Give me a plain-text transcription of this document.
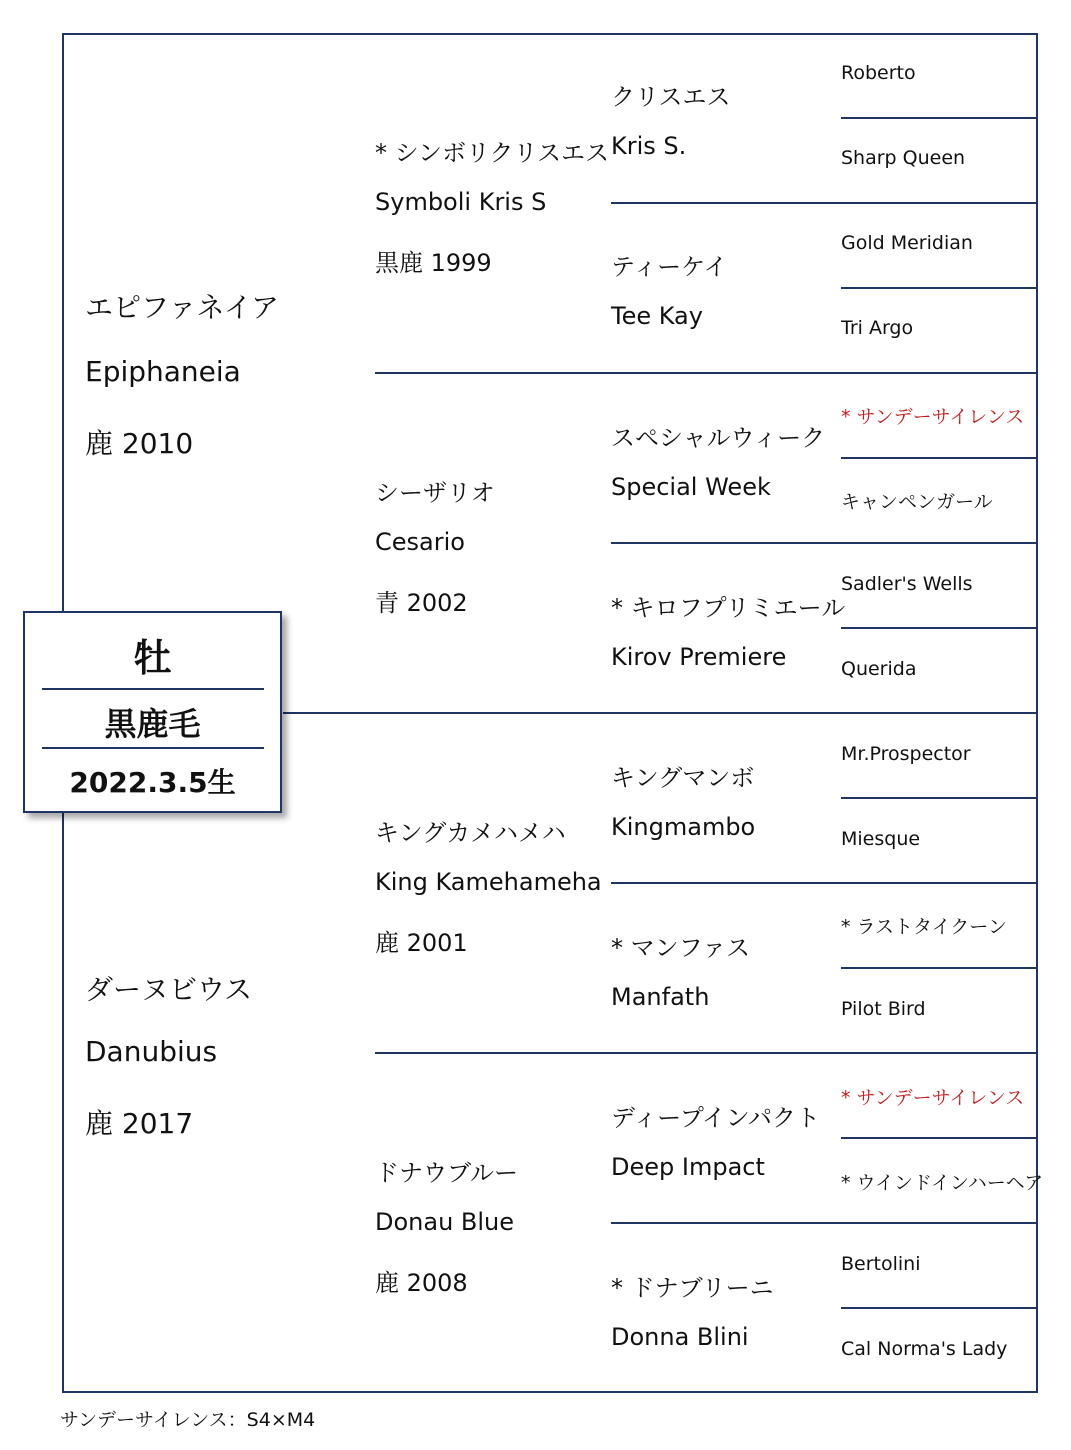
エピファネイア
Epiphaneia
鹿 2010
ダーヌビウス
Danubius
鹿 2017
* シンボリクリスエス
Symboli Kris S
黒鹿 1999
シーザリオ
Cesario
青 2002
キングカメハメハ
King Kamehameha
鹿 2001
ドナウブルー
Donau Blue
鹿 2008
クリスエス
Kris S.
ティーケイ
Tee Kay
スペシャルウィーク
Special Week
* キロフプリミエール
Kirov Premiere
キングマンボ
Kingmambo
* マンファス
Manfath
ディープインパクト
Deep Impact
* ドナブリーニ
Donna Blini
Roberto
Sharp Queen
Gold Meridian
Tri Argo
* サンデーサイレンス
キャンペンガール
Sadler's Wells
Querida
Mr.Prospector
Miesque
* ラストタイクーン
Pilot Bird
* サンデーサイレンス
* ウインドインハーヘア
Bertolini
Cal Norma's Lady
牡
黒鹿毛
2022.3.5生
サンデーサイレンス：S4×M4
